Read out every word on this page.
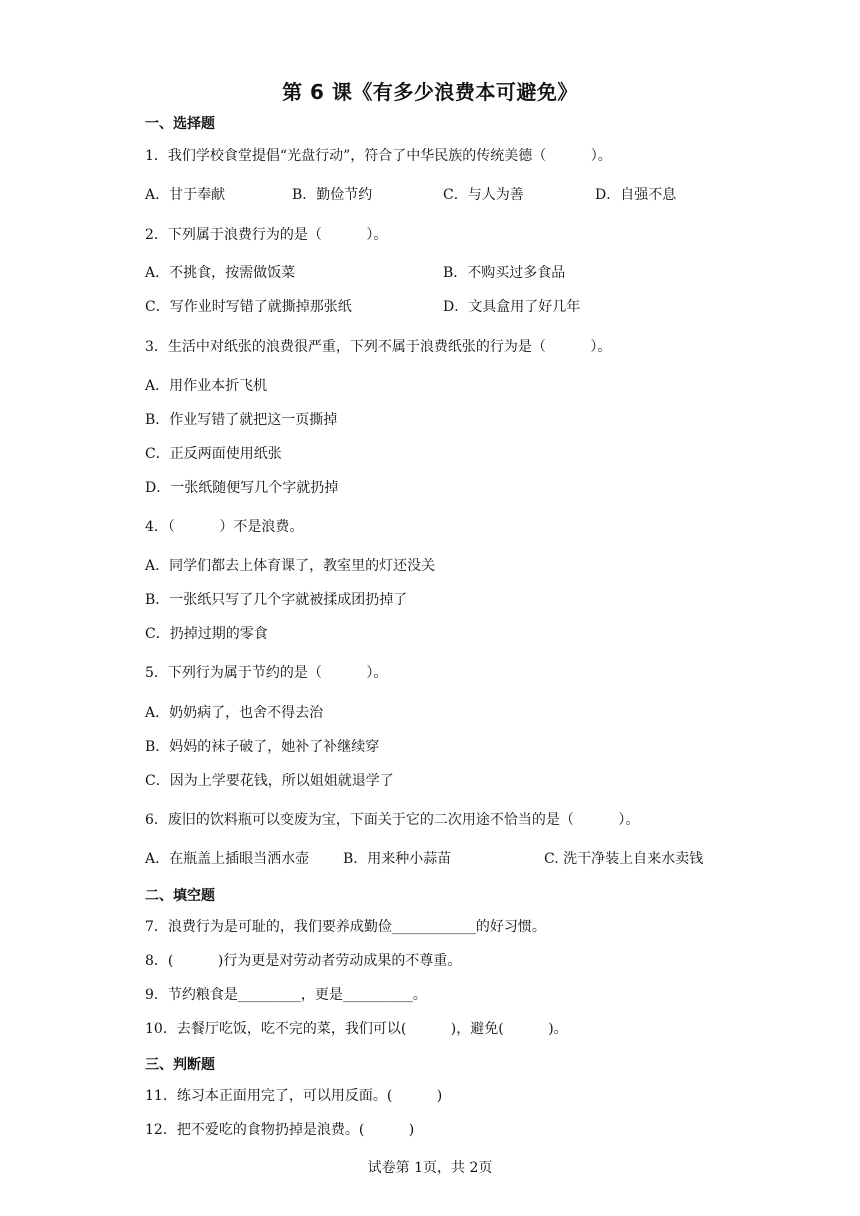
第 6 课《有多少浪费本可避免》
一、选择题
1．我们学校食堂提倡“光盘行动”，符合了中华民族的传统美德（          ）。
A．甘于奉献	B．勤俭节约	C．与人为善	D．自强不息
2．下列属于浪费行为的是（          ）。
A．不挑食，按需做饭菜	B．不购买过多食品
C．写作业时写错了就撕掉那张纸	D．文具盒用了好几年
3．生活中对纸张的浪费很严重，下列不属于浪费纸张的行为是（          ）。
A．用作业本折飞机
B．作业写错了就把这一页撕掉
C．正反两面使用纸张
D．一张纸随便写几个字就扔掉
4．（          ）不是浪费。
A．同学们都去上体育课了，教室里的灯还没关
B．一张纸只写了几个字就被揉成团扔掉了
C．扔掉过期的零食
5．下列行为属于节约的是（          ）。
A．奶奶病了，也舍不得去治
B．妈妈的袜子破了，她补了补继续穿
C．因为上学要花钱，所以姐姐就退学了
6．废旧的饮料瓶可以变废为宝，下面关于它的二次用途不恰当的是（          ）。
A．在瓶盖上插眼当洒水壶 B．用来种小蒜苗	C. 洗干净装上自来水卖钱
二、填空题
7．浪费行为是可耻的，我们要养成勤俭____________的好习惯。
8．(          )行为更是对劳动者劳动成果的不尊重。
9．节约粮食是_________，更是__________。
10．去餐厅吃饭，吃不完的菜，我们可以(          )，避免(          )。
三、判断题
11．练习本正面用完了，可以用反面。(          )
12．把不爱吃的食物扔掉是浪费。(          )
试卷第 1页，共 2页
